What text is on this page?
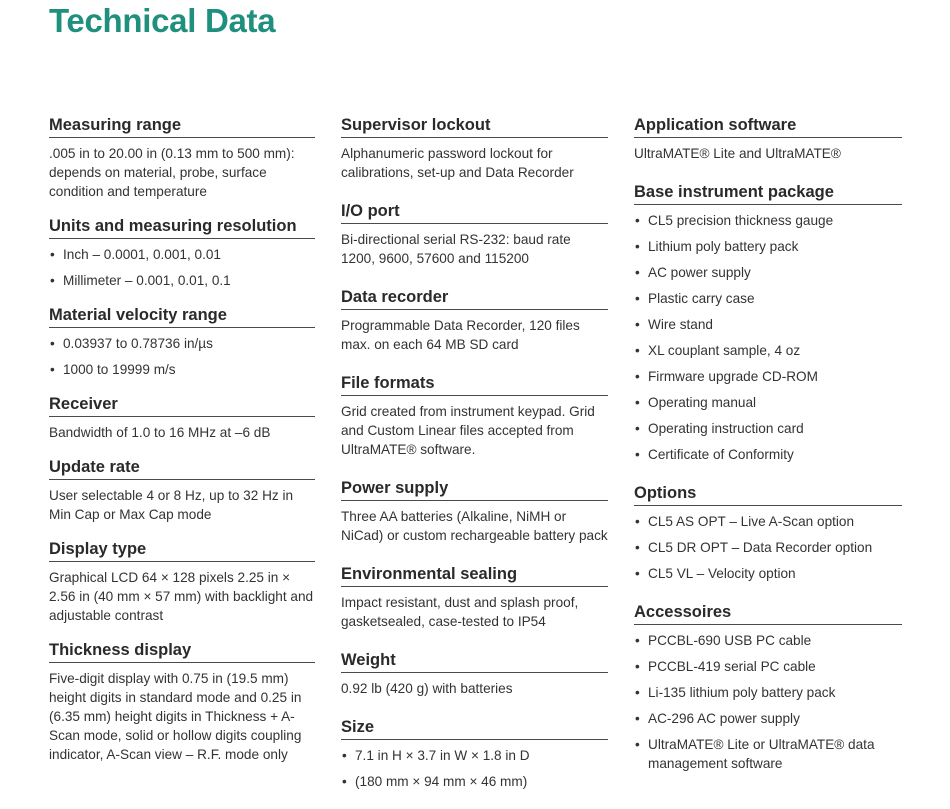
Technical Data
Measuring range
.005 in to 20.00 in (0.13 mm to 500 mm): depends on material, probe, surface condition and temperature
Units and measuring resolution
• Inch – 0.0001, 0.001, 0.01
• Millimeter – 0.001, 0.01, 0.1
Material velocity range
• 0.03937 to 0.78736 in/µs
• 1000 to 19999 m/s
Receiver
Bandwidth of 1.0 to 16 MHz at –6 dB
Update rate
User selectable 4 or 8 Hz, up to 32 Hz in Min Cap or Max Cap mode
Display type
Graphical LCD 64 × 128 pixels 2.25 in × 2.56 in (40 mm × 57 mm) with backlight and adjustable contrast
Thickness display
Five-digit display with 0.75 in (19.5 mm) height digits in standard mode and 0.25 in (6.35 mm) height digits in Thickness + A-Scan mode, solid or hollow digits coupling indicator, A-Scan view – R.F. mode only
Supervisor lockout
Alphanumeric password lockout for calibrations, set-up and Data Recorder
I/O port
Bi-directional serial RS-232: baud rate 1200, 9600, 57600 and 115200
Data recorder
Programmable Data Recorder, 120 files max. on each 64 MB SD card
File formats
Grid created from instrument keypad. Grid and Custom Linear files accepted from UltraMATE® software.
Power supply
Three AA batteries (Alkaline, NiMH or NiCad) or custom rechargeable battery pack
Environmental sealing
Impact resistant, dust and splash proof, gasketsealed, case-tested to IP54
Weight
0.92 lb (420 g) with batteries
Size
• 7.1 in H × 3.7 in W × 1.8 in D
• (180 mm × 94 mm × 46 mm)
Application software
UltraMATE® Lite and UltraMATE®
Base instrument package
• CL5 precision thickness gauge
• Lithium poly battery pack
• AC power supply
• Plastic carry case
• Wire stand
• XL couplant sample, 4 oz
• Firmware upgrade CD-ROM
• Operating manual
• Operating instruction card
• Certificate of Conformity
Options
• CL5 AS OPT – Live A-Scan option
• CL5 DR OPT – Data Recorder option
• CL5 VL – Velocity option
Accessoires
• PCCBL-690 USB PC cable
• PCCBL-419 serial PC cable
• Li-135 lithium poly battery pack
• AC-296 AC power supply
• UltraMATE® Lite or UltraMATE® data management software
